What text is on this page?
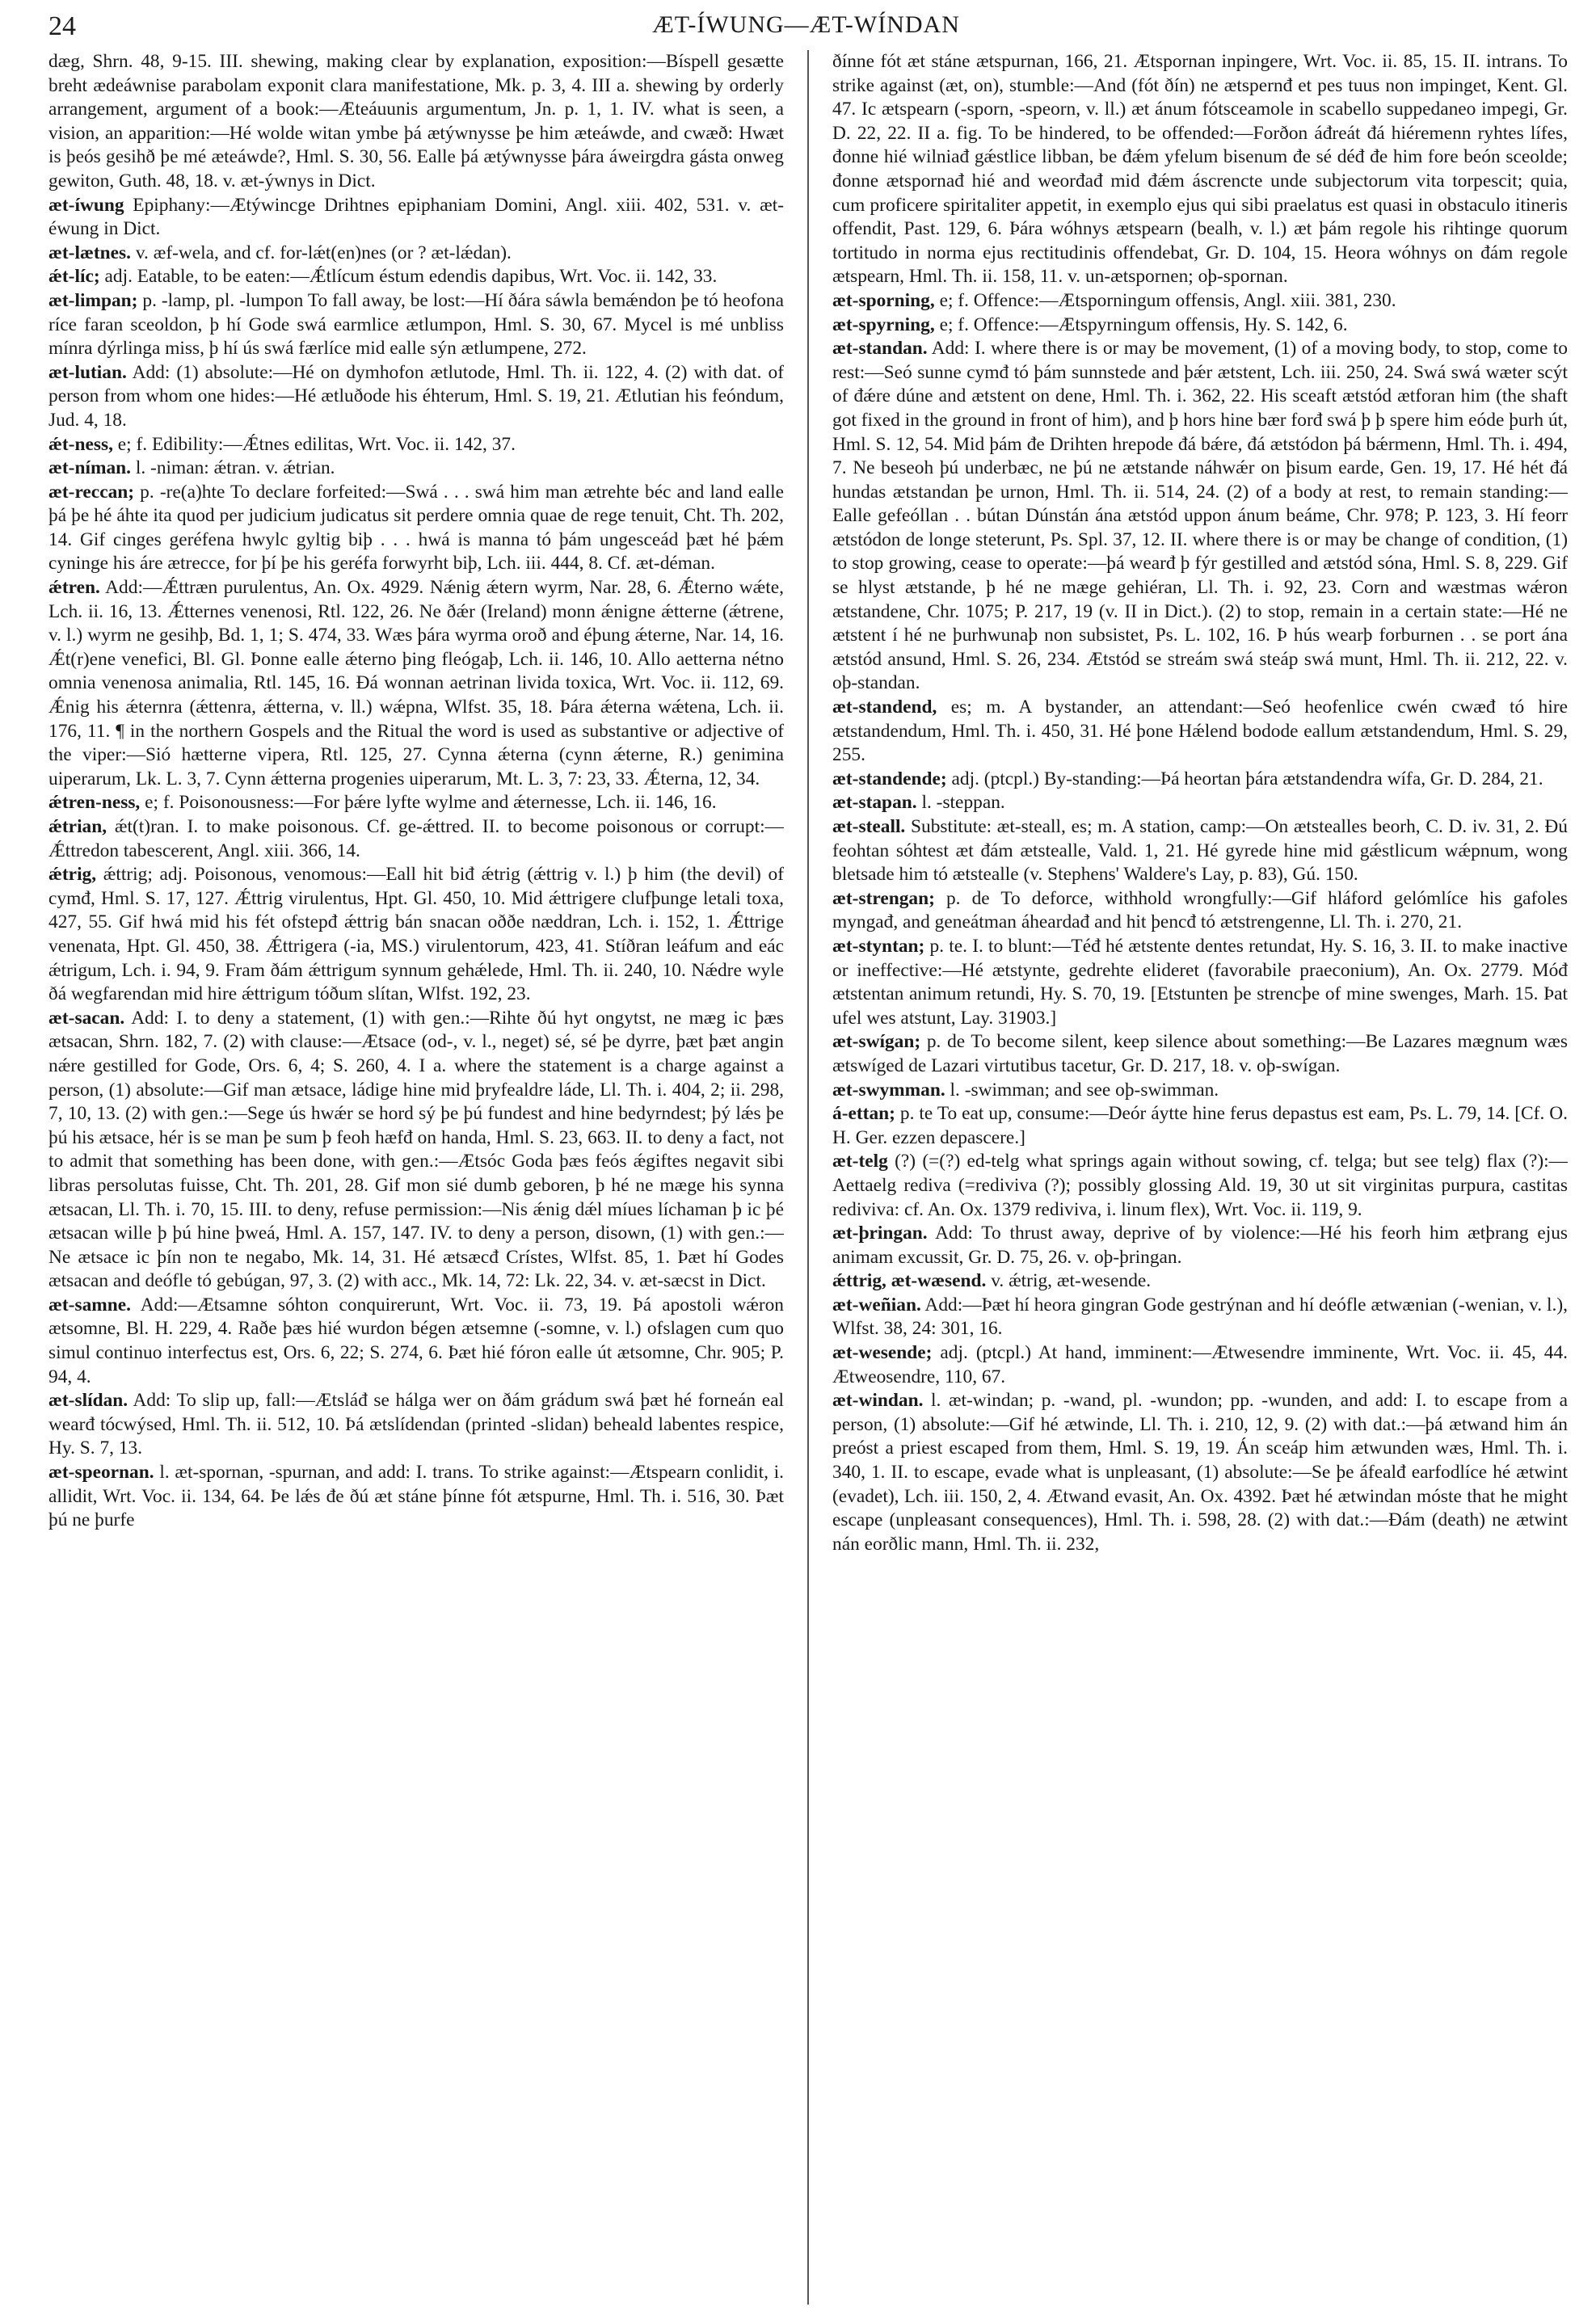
24	ÆT-ÍWUNG—ÆT-WÍNDAN

dæg, Shrn. 48, 9-15. III. shewing, making clear by explanation, exposition:—Bíspell gesætte breht ædeáwnise parabolam exponit clara manifestatione, Mk. p. 3, 4. III a. shewing by orderly arrangement, argument of a book:—Æteáuunis argumentum, Jn. p. 1, 1. IV. what is seen, a vision, an apparition:—Hé wolde witan ymbe þá ætýwnysse þe him æteáwde, and cwæð: Hwæt is þeós gesihð þe mé æteáwde?, Hml. S. 30, 56. Ealle þá ætýwnysse þára áweirgdra gásta onweg gewiton, Guth. 48, 18. v. æt-ýwnys in Dict.

æt-íwung Epiphany:—Ætýwincge Drihtnes epiphaniam Domini, Angl. xiii. 402, 531. v. æt-éwung in Dict.

æt-lætnes. v. æf-wela, and cf. for-lǽt(en)nes (or ? æt-lǽdan).

ǽt-líc; adj. Eatable, to be eaten:—Ǽtlícum éstum edendis dapibus, Wrt. Voc. ii. 142, 33.

æt-limpan; p. -lamp, pl. -lumpon To fall away, be lost:—Hí ðára sáwla bemǽndon þe tó heofona ríce faran sceoldon, þ hí Gode swá earmlice ætlumpon, Hml. S. 30, 67. Mycel is mé unbliss mínra dýrlinga miss, þ hí ús swá færlíce mid ealle sýn ætlumpene, 272.

æt-lutian. Add: (1) absolute:—Hé on dymhofon ætlutode, Hml. Th. ii. 122, 4. (2) with dat. of person from whom one hides:—Hé ætluðode his éhterum, Hml. S. 19, 21. Ætlutian his feóndum, Jud. 4, 18.

ǽt-ness, e; f. Edibility:—Ǽtnes edilitas, Wrt. Voc. ii. 142, 37.

æt-níman. l. -niman: ǽtran. v. ǽtrian.

æt-reccan; p. -re(a)hte To declare forfeited:—Swá . . . swá him man ætrehte béc and land ealle þá þe hé áhte ita quod per judicium judicatus sit perdere omnia quae de rege tenuit, Cht. Th. 202, 14. Gif cinges geréfena hwylc gyltig biþ . . . hwá is manna tó þám ungesceád þæt hé þǽm cyninge his áre ætrecce, for þí þe his geréfa forwyrht biþ, Lch. iii. 444, 8. Cf. æt-déman.

ǽtren. Add:—Ǽttræn purulentus, An. Ox. 4929. Nǽnig ǽtern wyrm, Nar. 28, 6. Ǽterno wǽte, Lch. ii. 16, 13. Ǽtternes venenosi, Rtl. 122, 26. Ne ðǽr (Ireland) monn ǽnigne ǽtterne (ǽtrene, v. l.) wyrm ne gesihþ, Bd. 1, 1; S. 474, 33. Wæs þára wyrma oroð and éþung ǽterne, Nar. 14, 16. Ǽt(r)ene venefici, Bl. Gl. Þonne ealle ǽterno þing fleógaþ, Lch. ii. 146, 10. Allo aetterna nétno omnia venenosa animalia, Rtl. 145, 16. Ðá wonnan aetrinan livida toxica, Wrt. Voc. ii. 112, 69. Ǽnig his ǽternra (ǽttenra, ǽtterna, v. ll.) wǽpna, Wlfst. 35, 18. Þára ǽterna wǽtena, Lch. ii. 176, 11. ¶ in the northern Gospels and the Ritual the word is used as substantive or adjective of the viper:—Sió hætterne vipera, Rtl. 125, 27. Cynna ǽterna (cynn ǽterne, R.) genimina uiperarum, Lk. L. 3, 7. Cynn ǽtterna progenies uiperarum, Mt. L. 3, 7: 23, 33. Ǽterna, 12, 34.

ǽtren-ness, e; f. Poisonousness:—For þǽre lyfte wylme and ǽternesse, Lch. ii. 146, 16.

ǽtrian, ǽt(t)ran. I. to make poisonous. Cf. ge-ǽttred. II. to become poisonous or corrupt:—Ǽttredon tabescerent, Angl. xiii. 366, 14.

ǽtrig, ǽttrig; adj. Poisonous, venomous:—Eall hit biđ ǽtrig (ǽttrig v. l.) þ him (the devil) of cymđ, Hml. S. 17, 127. Ǽttrig virulentus, Hpt. Gl. 450, 10. Mid ǽttrigere clufþunge letali toxa, 427, 55. Gif hwá mid his fét ofstepđ ǽttrig bán snacan oððe næddran, Lch. i. 152, 1. Ǽttrige venenata, Hpt. Gl. 450, 38. Ǽttrigera (-ia, MS.) virulentorum, 423, 41. Stíðran leáfum and eác ǽtrigum, Lch. i. 94, 9. Fram ðám ǽttrigum synnum gehǽlede, Hml. Th. ii. 240, 10. Nǽdre wyle ðá wegfarendan mid hire ǽttrigum tóðum slítan, Wlfst. 192, 23.

æt-sacan. Add: I. to deny a statement, (1) with gen.:—Rihte ðú hyt ongytst, ne mæg ic þæs ætsacan, Shrn. 182, 7. (2) with clause:—Ætsace (od-, v. l., neget) sé, sé þe dyrre, þæt þæt angin nǽre gestilled for Gode, Ors. 6, 4; S. 260, 4. I a. where the statement is a charge against a person, (1) absolute:—Gif man ætsace, ládige hine mid þryfealdre láde, Ll. Th. i. 404, 2; ii. 298, 7, 10, 13. (2) with gen.:—Sege ús hwǽr se hord sý þe þú fundest and hine bedyrndest; þý lǽs þe þú his ætsace, hér is se man þe sum þ feoh hæfđ on handa, Hml. S. 23, 663. II. to deny a fact, not to admit that something has been done, with gen.:—Ætsóc Goda þæs feós ǽgiftes negavit sibi libras persolutas fuisse, Cht. Th. 201, 28. Gif mon sié dumb geboren, þ hé ne mæge his synna ætsacan, Ll. Th. i. 70, 15. III. to deny, refuse permission:—Nis ǽnig dǽl míues líchaman þ ic þé ætsacan wille þ þú hine þweá, Hml. A. 157, 147. IV. to deny a person, disown, (1) with gen.:—Ne ætsace ic þín non te negabo, Mk. 14, 31. Hé ætsæcđ Crístes, Wlfst. 85, 1. Þæt hí Godes ætsacan and deófle tó gebúgan, 97, 3. (2) with acc., Mk. 14, 72: Lk. 22, 34. v. æt-sæcst in Dict.

æt-samne. Add:—Ætsamne sóhton conquirerunt, Wrt. Voc. ii. 73, 19. Þá apostoli wǽron ætsomne, Bl. H. 229, 4. Raðe þæs hié wurdon bégen ætsemne (-somne, v. l.) ofslagen cum quo simul continuo interfectus est, Ors. 6, 22; S. 274, 6. Þæt hié fóron ealle út ætsomne, Chr. 905; P. 94, 4.

æt-slídan. Add: To slip up, fall:—Ætsláđ se hálga wer on ðám grádum swá þæt hé forneán eal wearđ tócwýsed, Hml. Th. ii. 512, 10. Þá ætslídendan (printed -slidan) beheald labentes respice, Hy. S. 7, 13.

æt-speornan. l. æt-spornan, -spurnan, and add: I. trans. To strike against:—Ætspearn conlidit, i. allidit, Wrt. Voc. ii. 134, 64. Þe lǽs đe ðú æt stáne þínne fót ætspurne, Hml. Th. i. 516, 30. Þæt þú ne þurfe

ðínne fót æt stáne ætspurnan, 166, 21. Ætspornan inpingere, Wrt. Voc. ii. 85, 15. II. intrans. To strike against (æt, on), stumble:—And (fót ðín) ne ætspernđ et pes tuus non impinget, Kent. Gl. 47. Ic ætspearn (-sporn, -speorn, v. ll.) æt ánum fótsceamole in scabello suppedaneo impegi, Gr. D. 22, 22. II a. fig. To be hindered, to be offended:—Forðon áđreát đá hiéremenn ryhtes lífes, đonne hié wilniađ gǽstlice libban, be đǽm yfelum bisenum đe sé déđ đe him fore beón sceolde; đonne ætspornađ hié and weorđađ mid đǽm áscrencte unde subjectorum vita torpescit; quia, cum proficere spiritaliter appetit, in exemplo ejus qui sibi praelatus est quasi in obstaculo itineris offendit, Past. 129, 6. Þára wóhnys ætspearn (bealh, v. l.) æt þám regole his rihtinge quorum tortitudo in norma ejus rectitudinis offendebat, Gr. D. 104, 15. Heora wóhnys on đám regole ætspearn, Hml. Th. ii. 158, 11. v. un-ætspornen; oþ-spornan.

æt-sporning, e; f. Offence:—Ætsporningum offensis, Angl. xiii. 381, 230.

æt-spyrning, e; f. Offence:—Ætspyrningum offensis, Hy. S. 142, 6.

æt-standan. Add: I. where there is or may be movement, (1) of a moving body, to stop, come to rest:—Seó sunne cymđ tó þám sunnstede and þǽr ætstent, Lch. iii. 250, 24. Swá swá wæter scýt of đǽre dúne and ætstent on dene, Hml. Th. i. 362, 22. His sceaft ætstód ætforan him (the shaft got fixed in the ground in front of him), and þ hors hine bær forđ swá þ þ spere him eóde þurh út, Hml. S. 12, 54. Mid þám đe Drihten hrepode đá bǽre, đá ætstódon þá bǽrmenn, Hml. Th. i. 494, 7. Ne beseoh þú underbæc, ne þú ne ætstande náhwǽr on þisum earde, Gen. 19, 17. Hé hét đá hundas ætstandan þe urnon, Hml. Th. ii. 514, 24. (2) of a body at rest, to remain standing:—Ealle gefeóllan . . bútan Dúnstán ána ætstód uppon ánum beáme, Chr. 978; P. 123, 3. Hí feorr ætstódon de longe steterunt, Ps. Spl. 37, 12. II. where there is or may be change of condition, (1) to stop growing, cease to operate:—þá wearđ þ fýr gestilled and ætstód sóna, Hml. S. 8, 229. Gif se hlyst ætstande, þ hé ne mæge gehiéran, Ll. Th. i. 92, 23. Corn and wæstmas wǽron ætstandene, Chr. 1075; P. 217, 19 (v. II in Dict.). (2) to stop, remain in a certain state:—Hé ne ætstent í hé ne þurhwunaþ non subsistet, Ps. L. 102, 16. Þ hús wearþ forburnen . . se port ána ætstód ansund, Hml. S. 26, 234. Ætstód se streám swá steáp swá munt, Hml. Th. ii. 212, 22. v. oþ-standan.

æt-standend, es; m. A bystander, an attendant:—Seó heofenlice cwén cwæđ tó hire ætstandendum, Hml. Th. i. 450, 31. Hé þone Hǽlend bodode eallum ætstandendum, Hml. S. 29, 255.

æt-standende; adj. (ptcpl.) By-standing:—Þá heortan þára ætstandendra wífa, Gr. D. 284, 21.

æt-stapan. l. -steppan.

æt-steall. Substitute: æt-steall, es; m. A station, camp:—On ætstealles beorh, C. D. iv. 31, 2. Ðú feohtan sóhtest æt đám ætstealle, Vald. 1, 21. Hé gyrede hine mid gǽstlicum wǽpnum, wong bletsade him tó ætstealle (v. Stephens' Waldere's Lay, p. 83), Gú. 150.

æt-strengan; p. de To deforce, withhold wrongfully:—Gif hláford gelómlíce his gafoles myngađ, and geneátman áheardađ and hit þencđ tó ætstrengenne, Ll. Th. i. 270, 21.

æt-styntan; p. te. I. to blunt:—Téđ hé ætstente dentes retundat, Hy. S. 16, 3. II. to make inactive or ineffective:—Hé ætstynte, gedrehte elideret (favorabile praeconium), An. Ox. 2779. Móđ ætstentan animum retundi, Hy. S. 70, 19. [Etstunten þe strencþe of mine swenges, Marh. 15. Þat ufel wes atstunt, Lay. 31903.]

æt-swígan; p. de To become silent, keep silence about something:—Be Lazares mægnum wæs ætswíged de Lazari virtutibus tacetur, Gr. D. 217, 18. v. oþ-swígan.

æt-swymman. l. -swimman; and see oþ-swimman.

á-ettan; p. te To eat up, consume:—Deór áytte hine ferus depastus est eam, Ps. L. 79, 14. [Cf. O. H. Ger. ezzen depascere.]

æt-telg (?) (=(?) ed-telg what springs again without sowing, cf. telga; but see telg) flax (?):—Aettaelg rediva (=rediviva (?); possibly glossing Ald. 19, 30 ut sit virginitas purpura, castitas rediviva: cf. An. Ox. 1379 rediviva, i. linum flex), Wrt. Voc. ii. 119, 9.

æt-þringan. Add: To thrust away, deprive of by violence:—Hé his feorh him ætþrang ejus animam excussit, Gr. D. 75, 26. v. oþ-þringan.

ǽttrig, æt-wæsend. v. ǽtrig, æt-wesende.

æt-weñian. Add:—Þæt hí heora gingran Gode gestrýnan and hí deófle ætwænian (-wenian, v. l.), Wlfst. 38, 24: 301, 16.

æt-wesende; adj. (ptcpl.) At hand, imminent:—Ætwesendre imminente, Wrt. Voc. ii. 45, 44. Ætweosendre, 110, 67.

æt-windan. l. æt-windan; p. -wand, pl. -wundon; pp. -wunden, and add: I. to escape from a person, (1) absolute:—Gif hé ætwinde, Ll. Th. i. 210, 12, 9. (2) with dat.:—þá ætwand him án preóst a priest escaped from them, Hml. S. 19, 19. Án sceáp him ætwunden wæs, Hml. Th. i. 340, 1. II. to escape, evade what is unpleasant, (1) absolute:—Se þe áfealđ earfodlíce hé ætwint (evadet), Lch. iii. 150, 2, 4. Ætwand evasit, An. Ox. 4392. Þæt hé ætwindan móste that he might escape (unpleasant consequences), Hml. Th. i. 598, 28. (2) with dat.:—Ðám (death) ne ætwint nán eorðlic mann, Hml. Th. ii. 232,
